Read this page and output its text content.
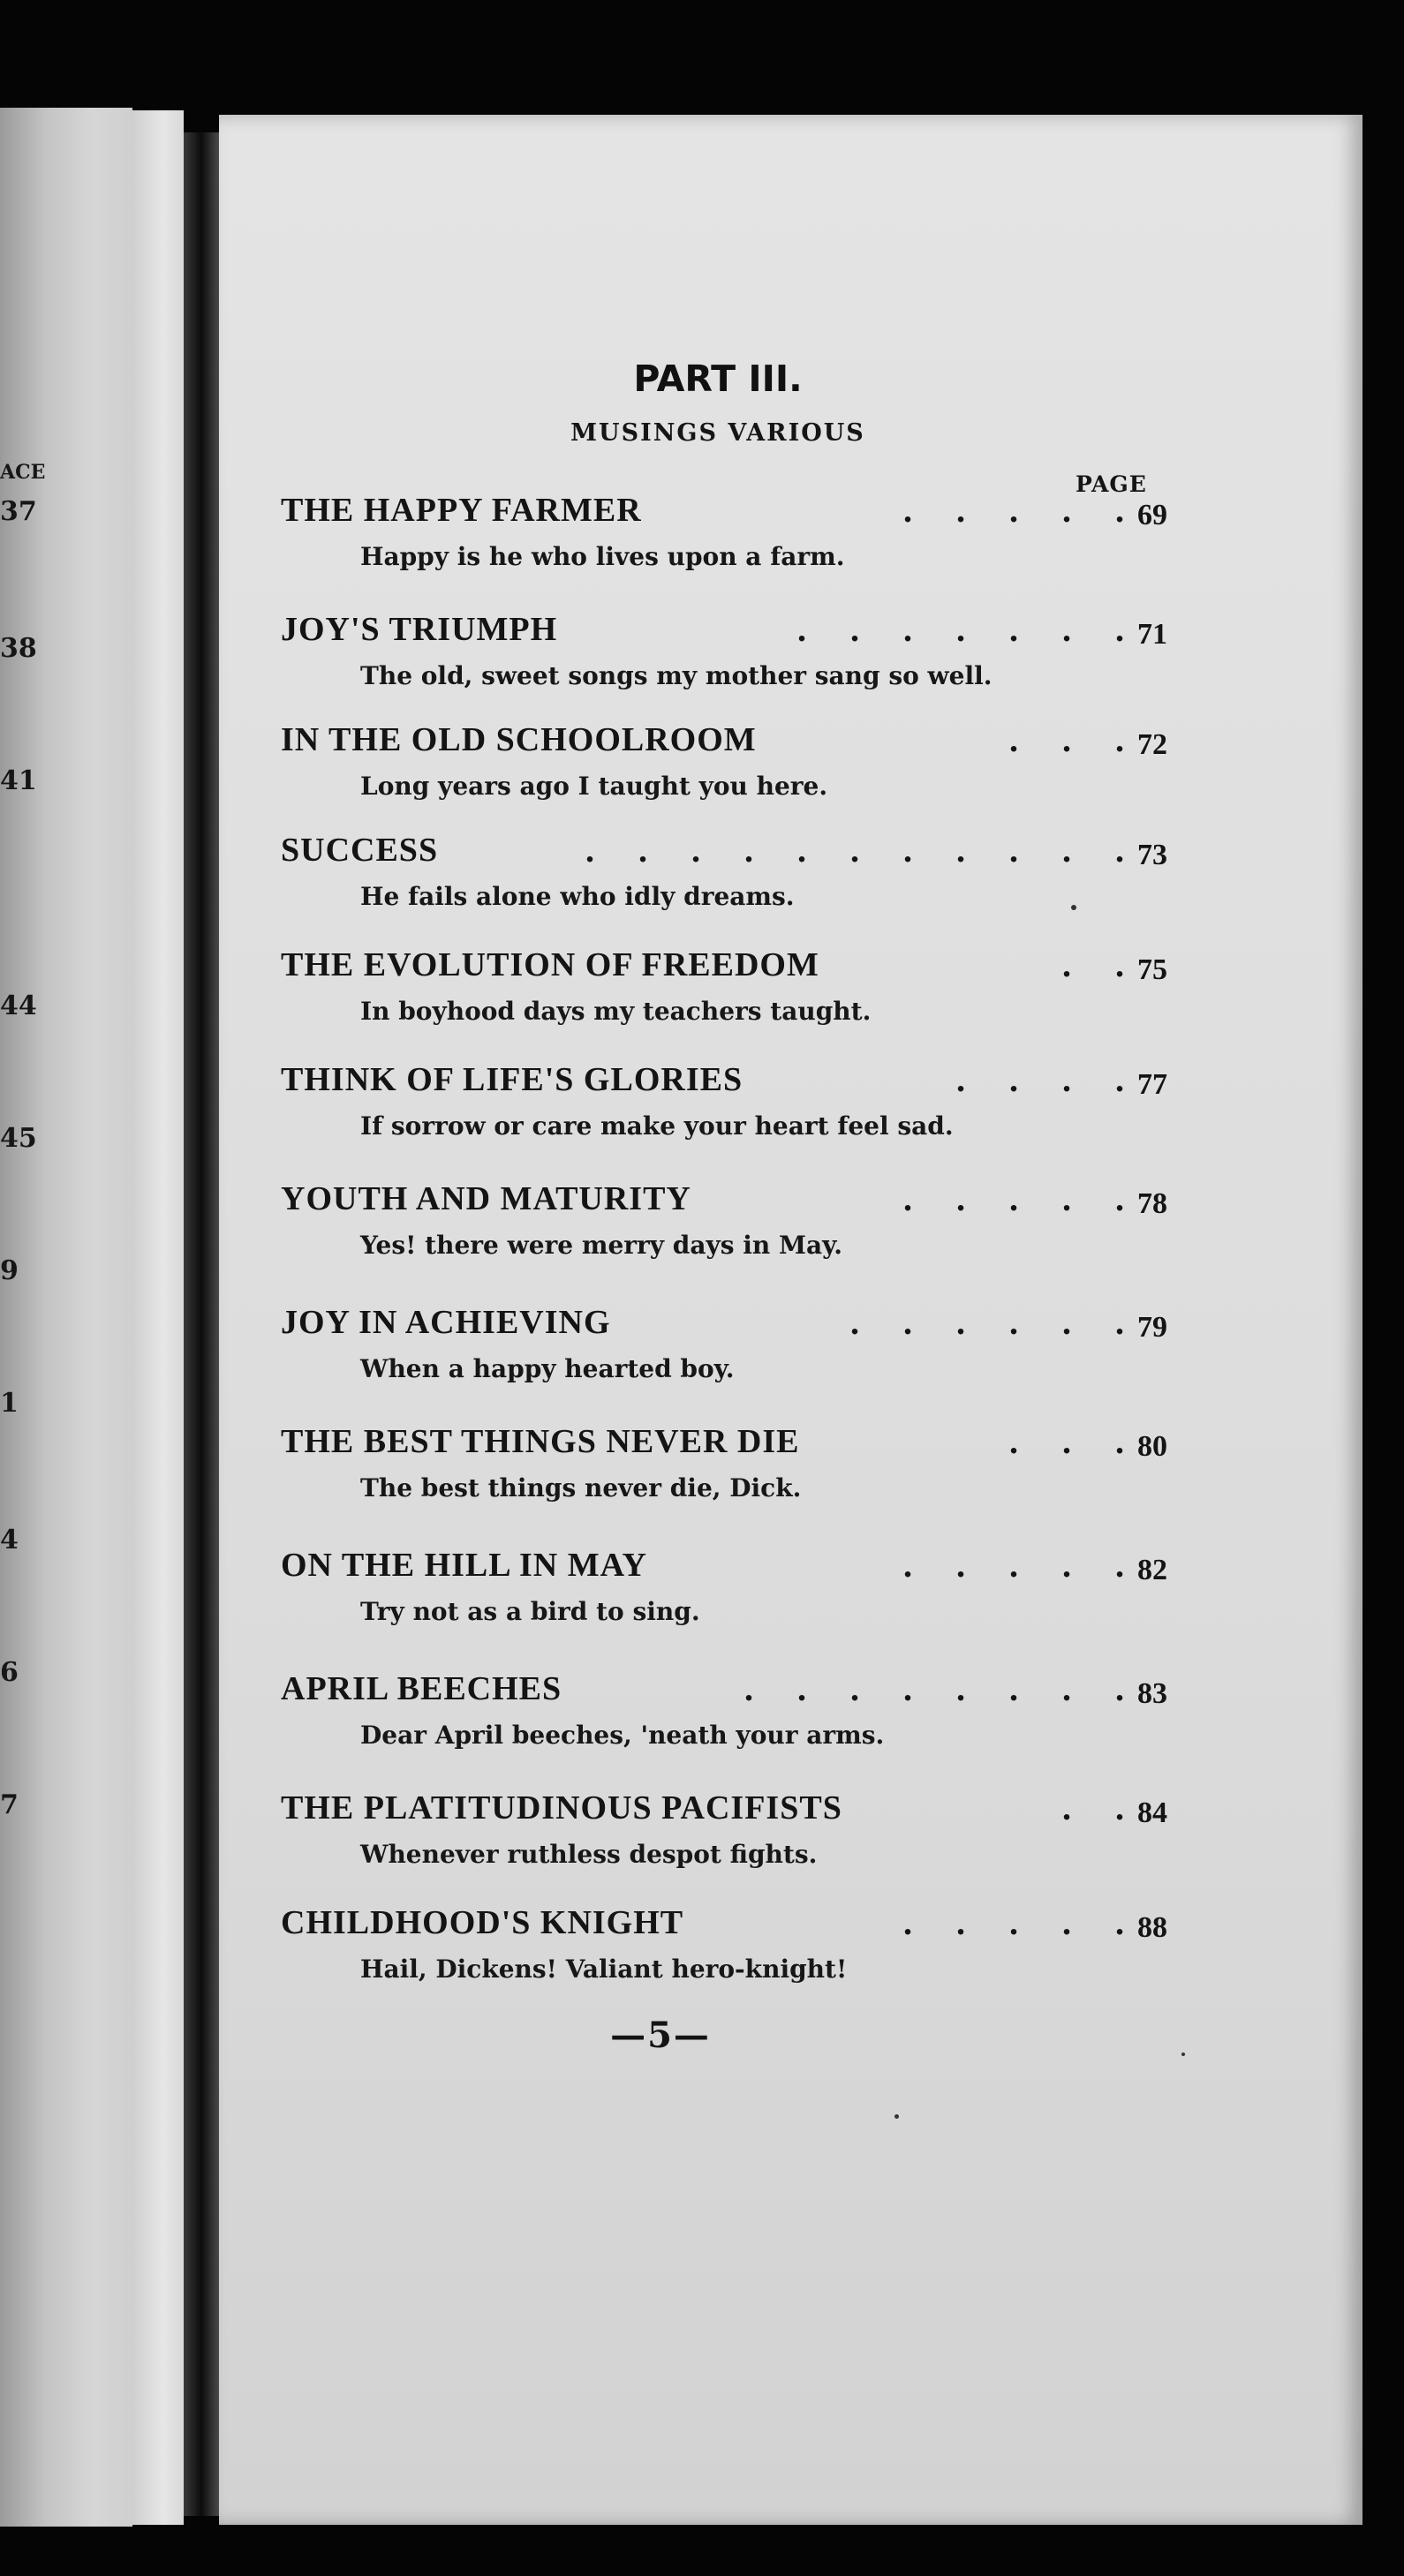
ACE
37
38
41
44
45
9
1
4
6
7
PART III.
MUSINGS VARIOUS
PAGE
THE HAPPY FARMER	.     .     .     .     . 69
Happy is he who lives upon a farm.
JOY'S TRIUMPH	.     .     .     .     .     .     . 71
The old, sweet songs my mother sang so well.
IN THE OLD SCHOOLROOM	.     .     . 72
Long years ago I taught you here.
SUCCESS	.     .     .     .     .     .     .     .     .     .     . 73
He fails alone who idly dreams.
THE EVOLUTION OF FREEDOM	.     . 75
In boyhood days my teachers taught.
THINK OF LIFE'S GLORIES	.     .     .     . 77
If sorrow or care make your heart feel sad.
YOUTH AND MATURITY	.     .     .     .     . 78
Yes! there were merry days in May.
JOY IN ACHIEVING	.     .     .     .     .     . 79
When a happy hearted boy.
THE BEST THINGS NEVER DIE	.     .     . 80
The best things never die, Dick.
ON THE HILL IN MAY	.     .     .     .     . 82
Try not as a bird to sing.
APRIL BEECHES	.     .     .     .     .     .     .     . 83
Dear April beeches, 'neath your arms.
THE PLATITUDINOUS PACIFISTS	.     . 84
Whenever ruthless despot fights.
CHILDHOOD'S KNIGHT	.     .     .     .     . 88
Hail, Dickens! Valiant hero-knight!
—5—
